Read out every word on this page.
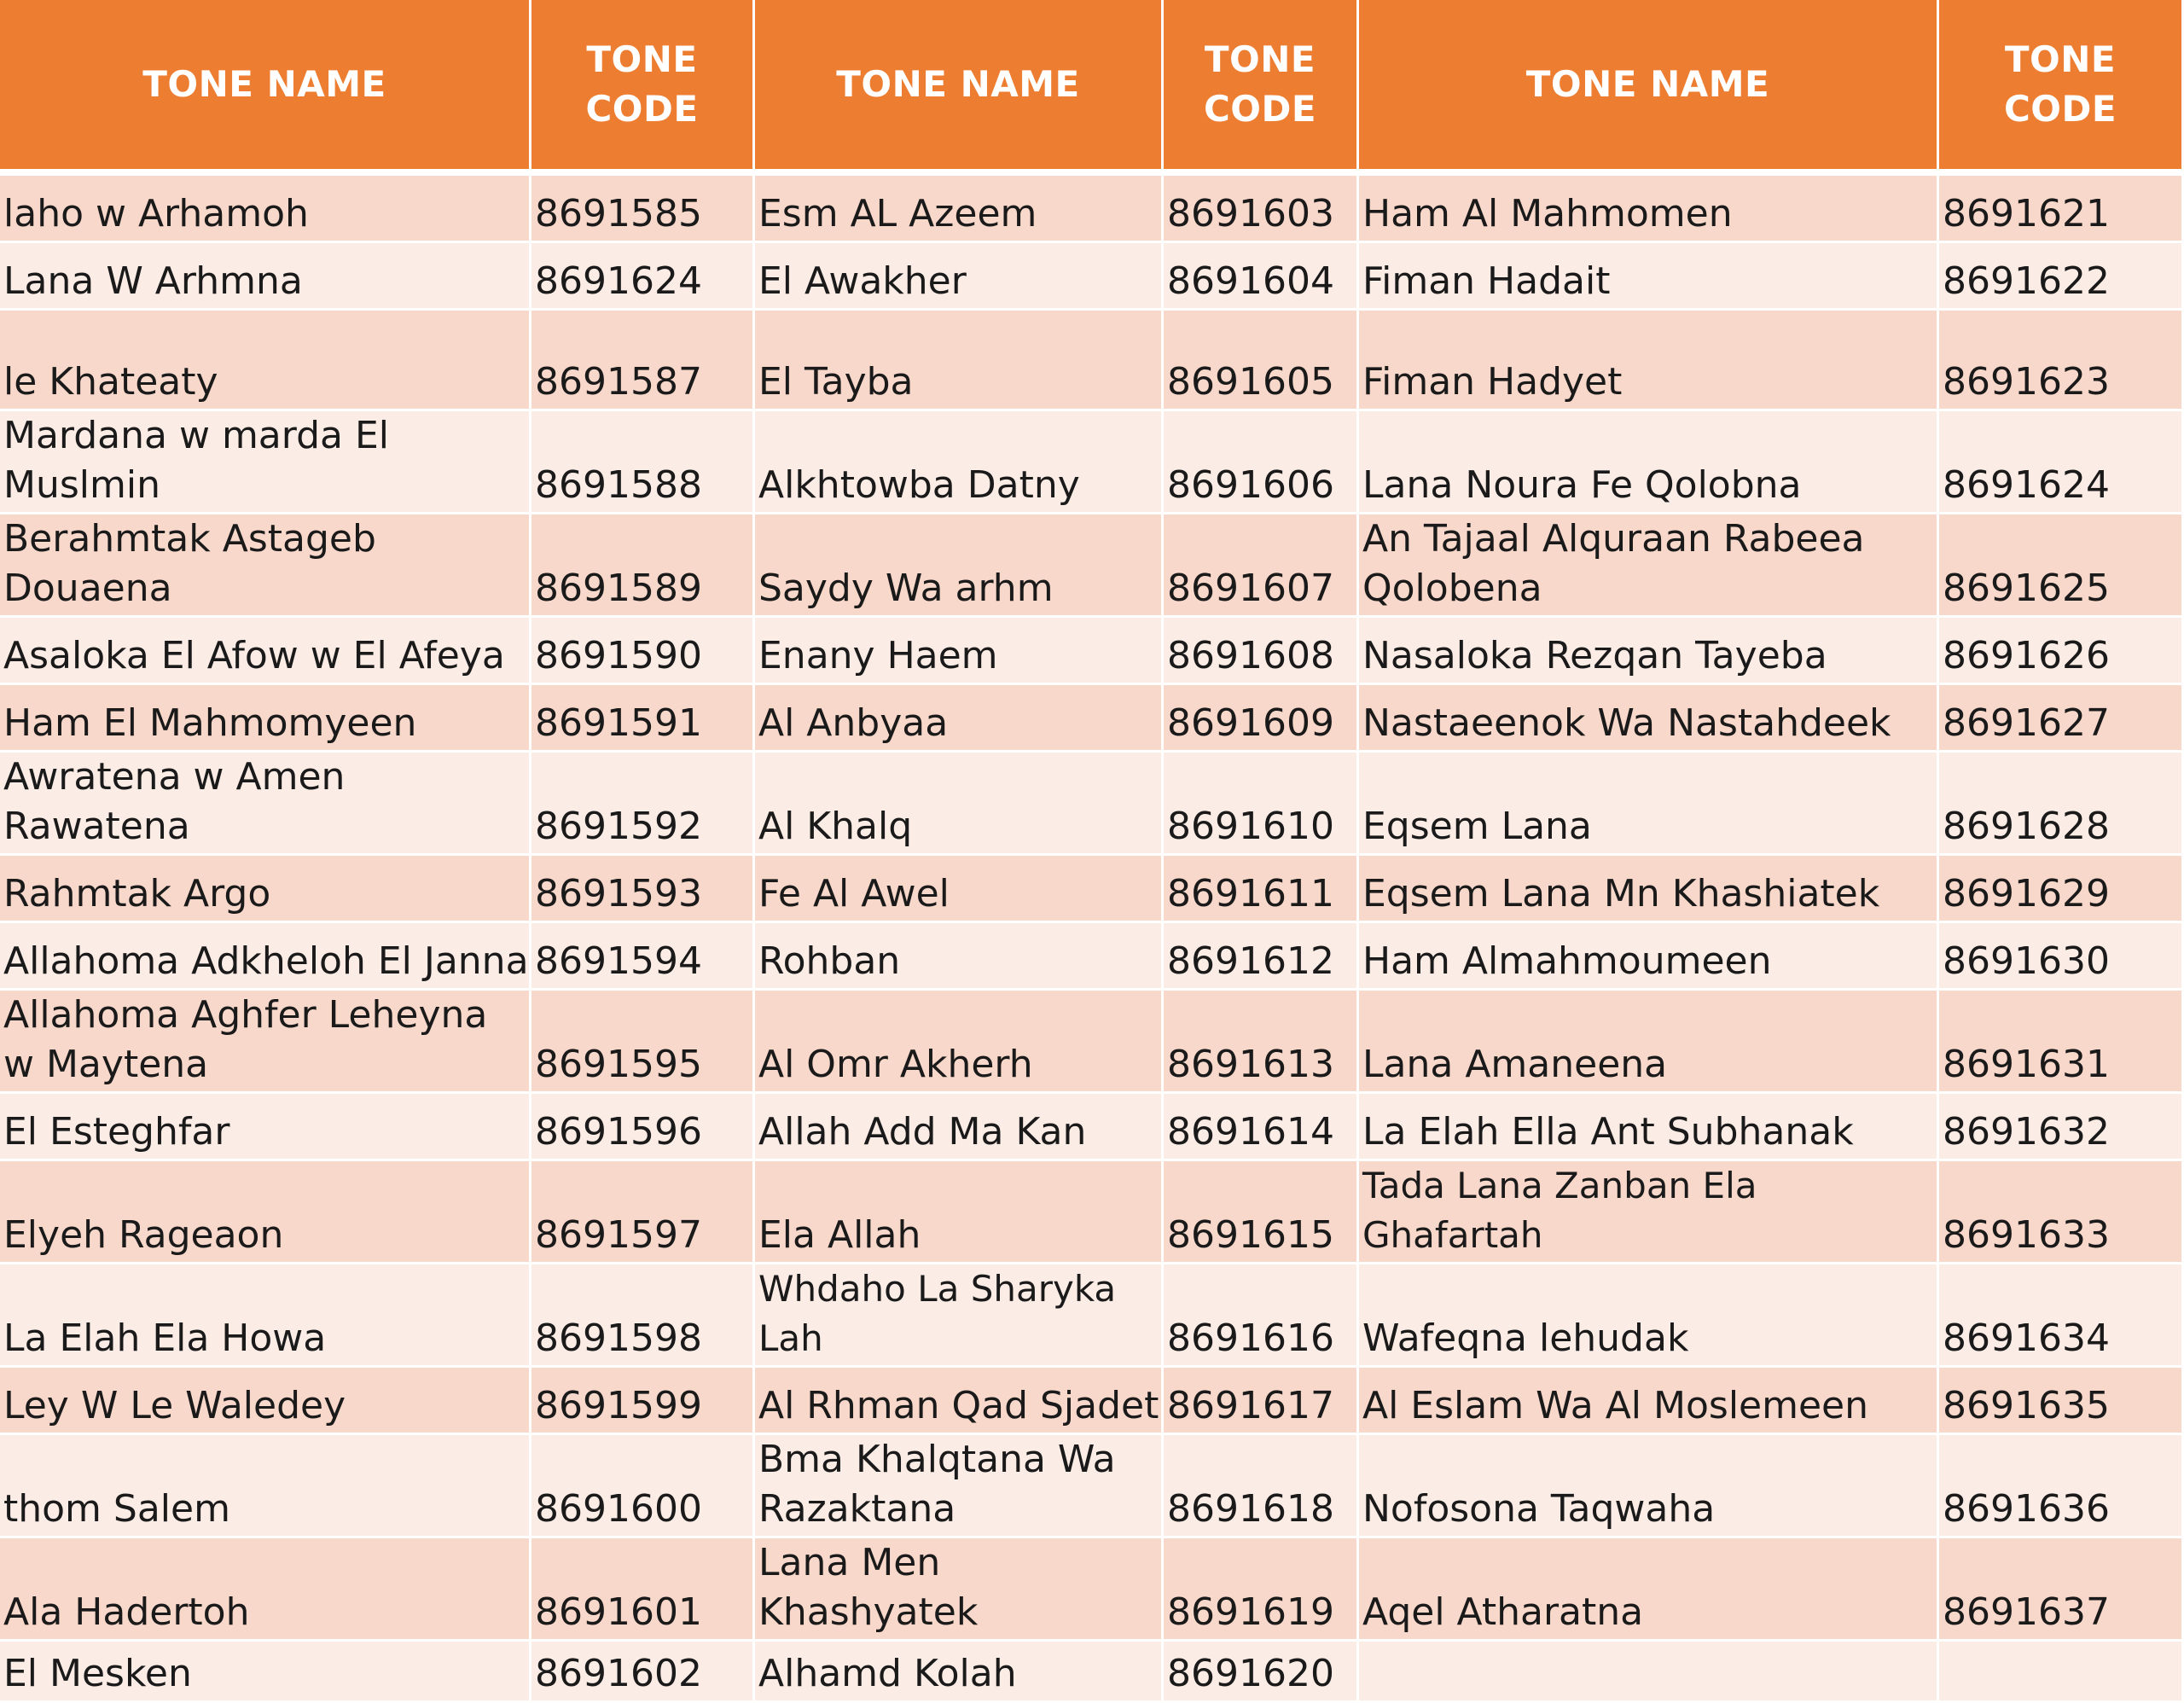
TONE NAME	TONE CODE	TONE NAME	TONE CODE	TONE NAME	TONE CODE
laho w Arhamoh	8691585	Esm AL Azeem	8691603	Ham Al Mahmomen	8691621
Lana W Arhmna	8691624	El Awakher	8691604	Fiman Hadait	8691622
le Khateaty	8691587	El Tayba	8691605	Fiman Hadyet	8691623
Mardana w marda El Muslmin	8691588	Alkhtowba Datny	8691606	Lana Noura Fe Qolobna	8691624
Berahmtak Astageb Douaena	8691589	Saydy Wa arhm	8691607	An Tajaal Alquraan Rabeea Qolobena	8691625
Asaloka El Afow w El Afeya	8691590	Enany Haem	8691608	Nasaloka Rezqan Tayeba	8691626
Ham El Mahmomyeen	8691591	Al Anbyaa	8691609	Nastaeenok Wa Nastahdeek	8691627
Awratena w Amen Rawatena	8691592	Al Khalq	8691610	Eqsem Lana	8691628
Rahmtak Argo	8691593	Fe Al Awel	8691611	Eqsem Lana Mn Khashiatek	8691629
Allahoma Adkheloh El Janna	8691594	Rohban	8691612	Ham Almahmoumeen	8691630
Allahoma Aghfer Leheyna w Maytena	8691595	Al Omr Akherh	8691613	Lana Amaneena	8691631
El Esteghfar	8691596	Allah Add Ma Kan	8691614	La Elah Ella Ant Subhanak	8691632
Elyeh Rageaon	8691597	Ela Allah	8691615	Tada Lana Zanban Ela Ghafartah	8691633
La Elah Ela Howa	8691598	Whdaho La Sharyka Lah	8691616	Wafeqna lehudak	8691634
Ley W Le Waledey	8691599	Al Rhman Qad Sjadet	8691617	Al Eslam Wa Al Moslemeen	8691635
thom Salem	8691600	Bma Khalqtana Wa Razaktana	8691618	Nofosona Taqwaha	8691636
Ala Hadertoh	8691601	Lana Men Khashyatek	8691619	Aqel Atharatna	8691637
El Mesken	8691602	Alhamd Kolah	8691620		
